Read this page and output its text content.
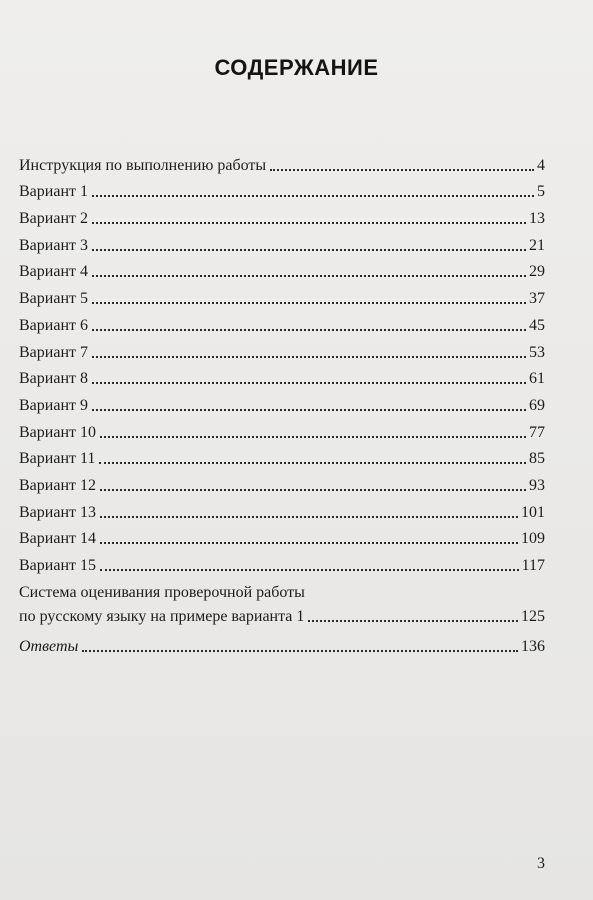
СОДЕРЖАНИЕ
Инструкция по выполнению работы	4
Вариант 1	5
Вариант 2	13
Вариант 3	21
Вариант 4	29
Вариант 5	37
Вариант 6	45
Вариант 7	53
Вариант 8	61
Вариант 9	69
Вариант 10	77
Вариант 11	85
Вариант 12	93
Вариант 13	101
Вариант 14	109
Вариант 15	117
Система оценивания проверочной работы
по русскому языку на примере варианта 1	125
Ответы	136
3
